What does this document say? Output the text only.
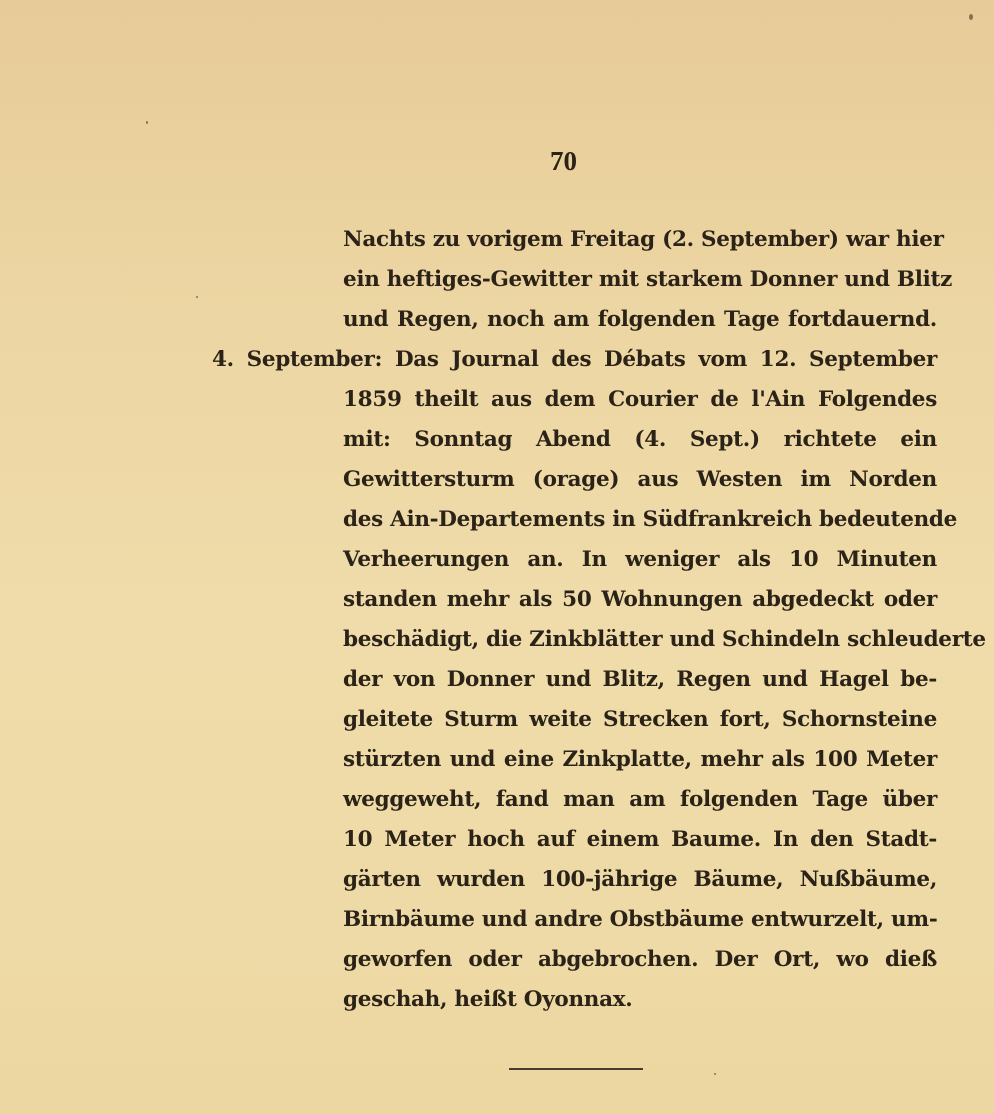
70
Nachts zu vorigem Freitag (2. September) war hier
ein heftiges-Gewitter mit starkem Donner und Blitz
und Regen, noch am folgenden Tage fortdauernd.
4. September: Das Journal des Débats vom 12. September
1859 theilt aus dem Courier de l'Ain Folgendes
mit: Sonntag Abend (4. Sept.) richtete ein
Gewittersturm (orage) aus Westen im Norden
des Ain-Departements in Südfrankreich bedeutende
Verheerungen an. In weniger als 10 Minuten
standen mehr als 50 Wohnungen abgedeckt oder
beschädigt, die Zinkblätter und Schindeln schleuderte
der von Donner und Blitz, Regen und Hagel be-
gleitete Sturm weite Strecken fort, Schornsteine
stürzten und eine Zinkplatte, mehr als 100 Meter
weggeweht, fand man am folgenden Tage über
10 Meter hoch auf einem Baume. In den Stadt-
gärten wurden 100-jährige Bäume, Nußbäume,
Birnbäume und andre Obstbäume entwurzelt, um-
geworfen oder abgebrochen. Der Ort, wo dieß
geschah, heißt Oyonnax.
